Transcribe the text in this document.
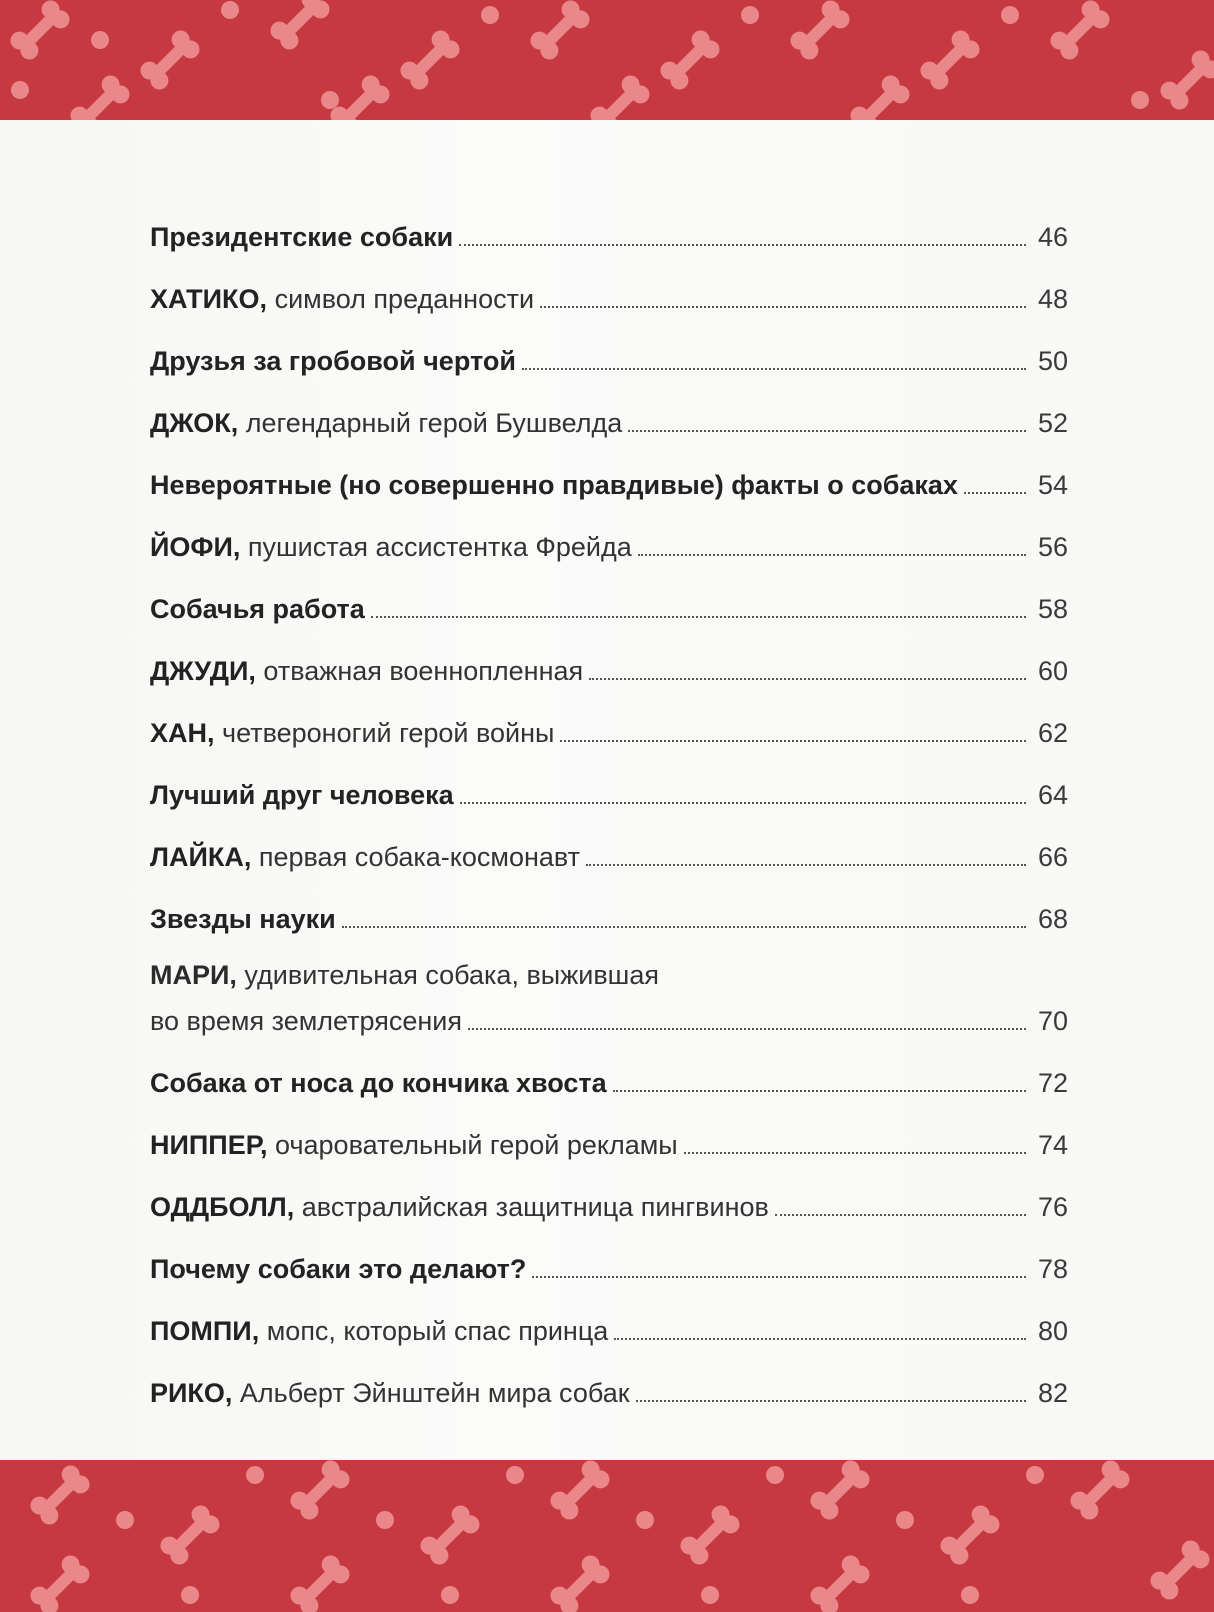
Президентские собаки	46
ХАТИКО, символ преданности	48
Друзья за гробовой чертой	50
ДЖОК, легендарный герой Бушвелда	52
Невероятные (но совершенно правдивые) факты о собаках	54
ЙОФИ, пушистая ассистентка Фрейда	56
Собачья работа	58
ДЖУДИ, отважная военнопленная	60
ХАН, четвероногий герой войны	62
Лучший друг человека	64
ЛАЙКА, первая собака-космонавт	66
Звезды науки	68
МАРИ, удивительная собака, выжившая
во время землетрясения	70
Собака от носа до кончика хвоста	72
НИППЕР, очаровательный герой рекламы	74
ОДДБОЛЛ, австралийская защитница пингвинов	76
Почему собаки это делают?	78
ПОМПИ, мопс, который спас принца	80
РИКО, Альберт Эйнштейн мира собак	82
